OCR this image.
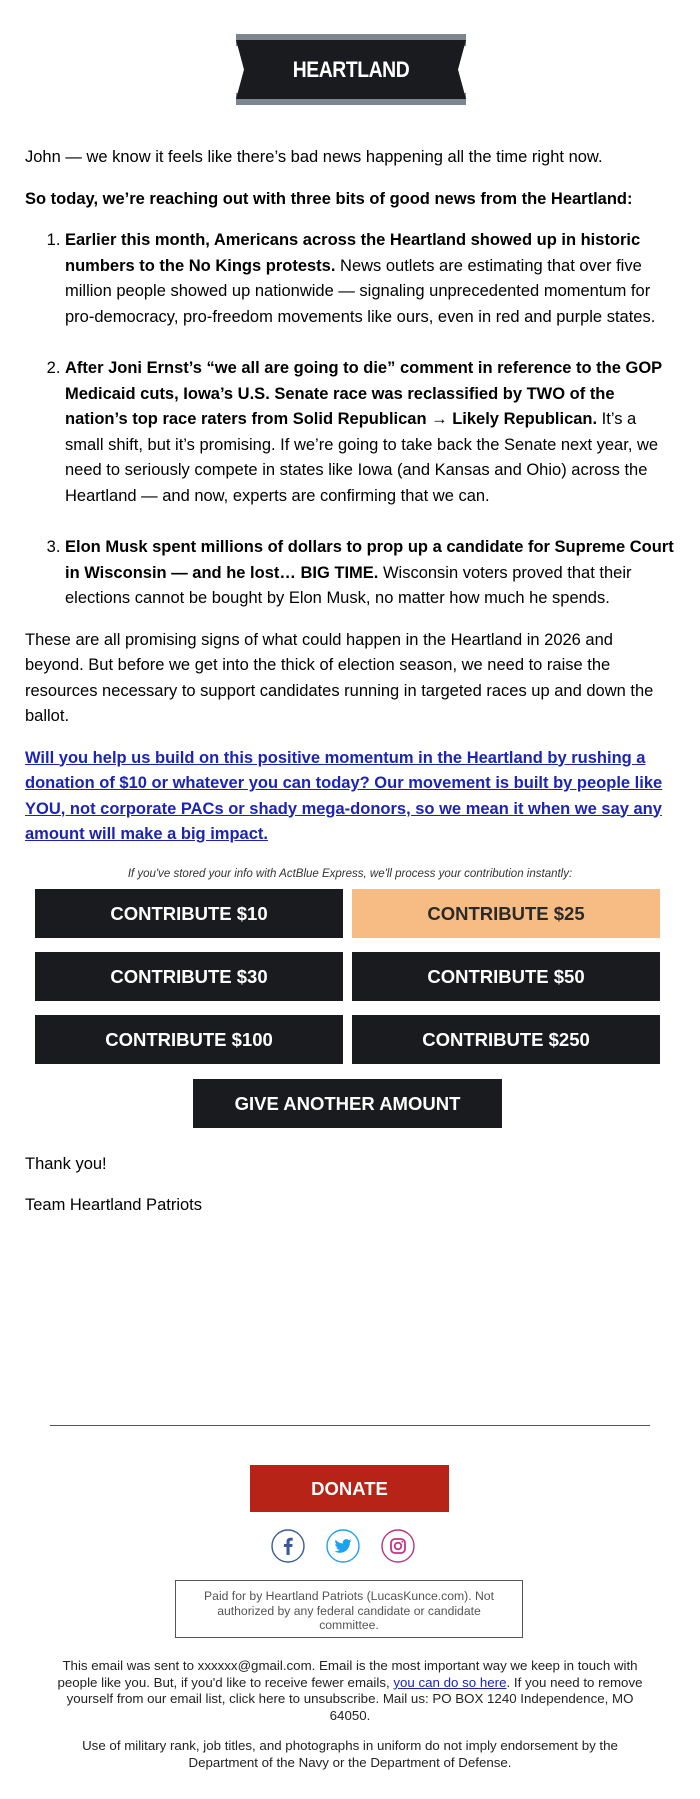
HEARTLAND PATRIOTS

John — we know it feels like there’s bad news happening all the time right now.

So today, we’re reaching out with three bits of good news from the Heartland:

1. Earlier this month, Americans across the Heartland showed up in historic numbers to the No Kings protests. News outlets are estimating that over five million people showed up nationwide — signaling unprecedented momentum for pro-democracy, pro-freedom movements like ours, even in red and purple states.
2. After Joni Ernst’s “we all are going to die” comment in reference to the GOP Medicaid cuts, Iowa’s U.S. Senate race was reclassified by TWO of the nation’s top race raters from Solid Republican → Likely Republican. It’s a small shift, but it’s promising. If we’re going to take back the Senate next year, we need to seriously compete in states like Iowa (and Kansas and Ohio) across the Heartland — and now, experts are confirming that we can.
3. Elon Musk spent millions of dollars to prop up a candidate for Supreme Court in Wisconsin — and he lost… BIG TIME. Wisconsin voters proved that their elections cannot be bought by Elon Musk, no matter how much he spends.

These are all promising signs of what could happen in the Heartland in 2026 and beyond. But before we get into the thick of election season, we need to raise the resources necessary to support candidates running in targeted races up and down the ballot.

Will you help us build on this positive momentum in the Heartland by rushing a donation of $10 or whatever you can today? Our movement is built by people like YOU, not corporate PACs or shady mega-donors, so we mean it when we say any amount will make a big impact.
If you've stored your info with ActBlue Express, we'll process your contribution instantly:
CONTRIBUTE $10	CONTRIBUTE $25
CONTRIBUTE $30	CONTRIBUTE $50
CONTRIBUTE $100	CONTRIBUTE $250
GIVE ANOTHER AMOUNT
Thank you!
Team Heartland Patriots
DONATE
Paid for by Heartland Patriots (LucasKunce.com). Not authorized by any federal candidate or candidate committee.
This email was sent to xxxxxx@gmail.com. Email is the most important way we keep in touch with people like you. But, if you'd like to receive fewer emails, you can do so here. If you need to remove yourself from our email list, click here to unsubscribe. Mail us: PO BOX 1240 Independence, MO 64050.
Use of military rank, job titles, and photographs in uniform do not imply endorsement by the Department of the Navy or the Department of Defense.
